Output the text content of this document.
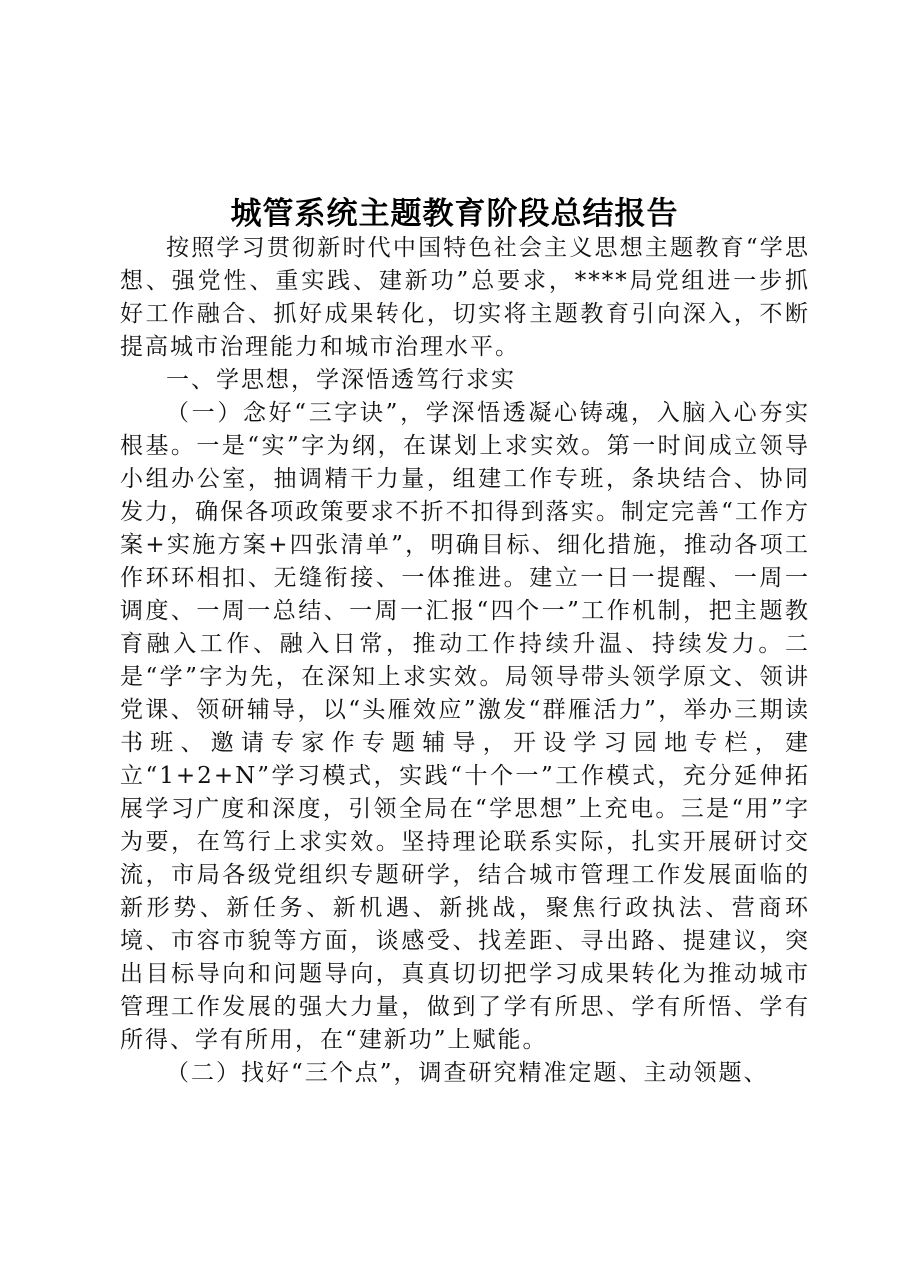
城管系统主题教育阶段总结报告

按照学习贯彻新时代中国特色社会主义思想主题教育“学思想、强党性、重实践、建新功”总要求，****局党组进一步抓好工作融合、抓好成果转化，切实将主题教育引向深入，不断提高城市治理能力和城市治理水平。

一、学思想，学深悟透笃行求实

（一）念好“三字诀”，学深悟透凝心铸魂，入脑入心夯实根基。一是“实”字为纲，在谋划上求实效。第一时间成立领导小组办公室，抽调精干力量，组建工作专班，条块结合、协同发力，确保各项政策要求不折不扣得到落实。制定完善“工作方案+实施方案+四张清单”，明确目标、细化措施，推动各项工作环环相扣、无缝衔接、一体推进。建立一日一提醒、一周一调度、一周一总结、一周一汇报“四个一”工作机制，把主题教育融入工作、融入日常，推动工作持续升温、持续发力。二是“学”字为先，在深知上求实效。局领导带头领学原文、领讲党课、领研辅导，以“头雁效应”激发“群雁活力”，举办三期读书班、邀请专家作专题辅导，开设学习园地专栏，建立“1+2+N”学习模式，实践“十个一”工作模式，充分延伸拓展学习广度和深度，引领全局在“学思想”上充电。三是“用”字为要，在笃行上求实效。坚持理论联系实际，扎实开展研讨交流，市局各级党组织专题研学，结合城市管理工作发展面临的新形势、新任务、新机遇、新挑战，聚焦行政执法、营商环境、市容市貌等方面，谈感受、找差距、寻出路、提建议，突出目标导向和问题导向，真真切切把学习成果转化为推动城市管理工作发展的强大力量，做到了学有所思、学有所悟、学有所得、学有所用，在“建新功”上赋能。

（二）找好“三个点”，调查研究精准定题、主动领题、
